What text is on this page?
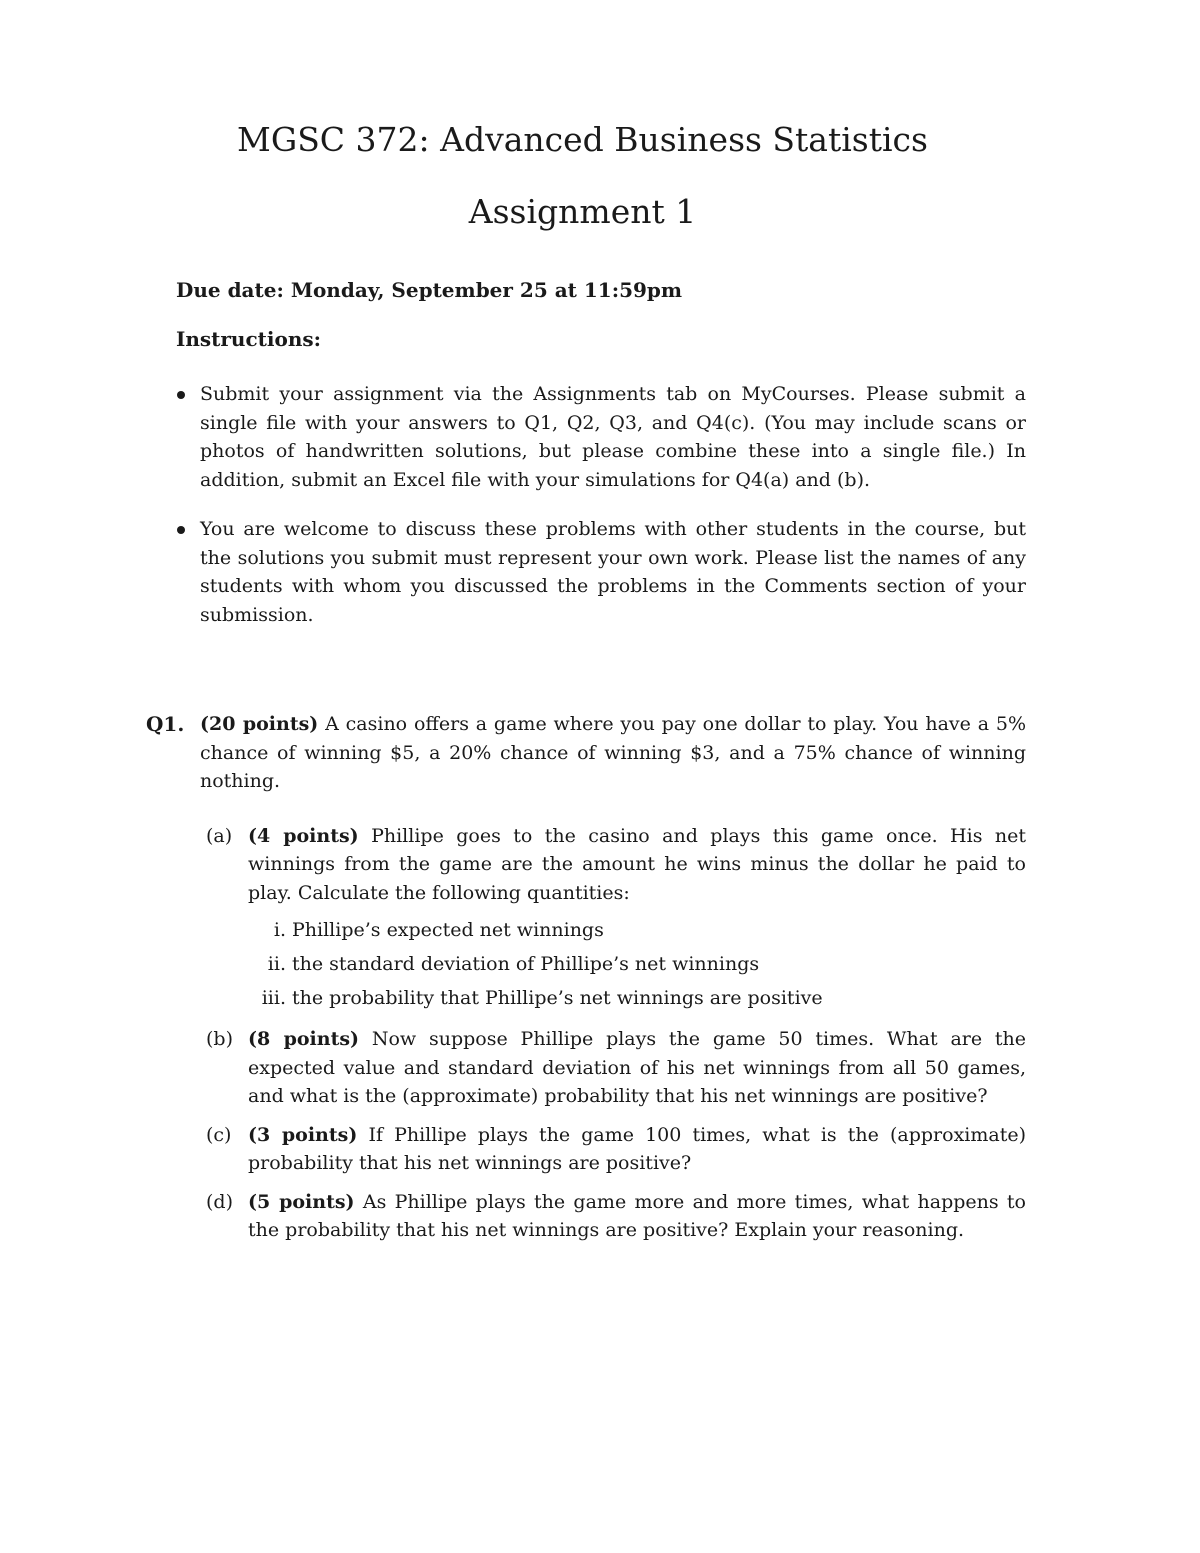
MGSC 372: Advanced Business Statistics
Assignment 1
Due date: Monday, September 25 at 11:59pm
Instructions:
Submit your assignment via the Assignments tab on MyCourses. Please submit a single file with your answers to Q1, Q2, Q3, and Q4(c). (You may include scans or photos of handwritten solutions, but please combine these into a single file.) In addition, submit an Excel file with your simulations for Q4(a) and (b).
You are welcome to discuss these problems with other students in the course, but the solutions you submit must represent your own work. Please list the names of any students with whom you discussed the problems in the Comments section of your submission.
Q1. (20 points) A casino offers a game where you pay one dollar to play. You have a 5% chance of winning $5, a 20% chance of winning $3, and a 75% chance of winning nothing.
(a) (4 points) Phillipe goes to the casino and plays this game once. His net winnings from the game are the amount he wins minus the dollar he paid to play. Calculate the following quantities:
i. Phillipe’s expected net winnings
ii. the standard deviation of Phillipe’s net winnings
iii. the probability that Phillipe’s net winnings are positive
(b) (8 points) Now suppose Phillipe plays the game 50 times. What are the expected value and standard deviation of his net winnings from all 50 games, and what is the (approximate) probability that his net winnings are positive?
(c) (3 points) If Phillipe plays the game 100 times, what is the (approximate) probability that his net winnings are positive?
(d) (5 points) As Phillipe plays the game more and more times, what happens to the probability that his net winnings are positive? Explain your reasoning.
